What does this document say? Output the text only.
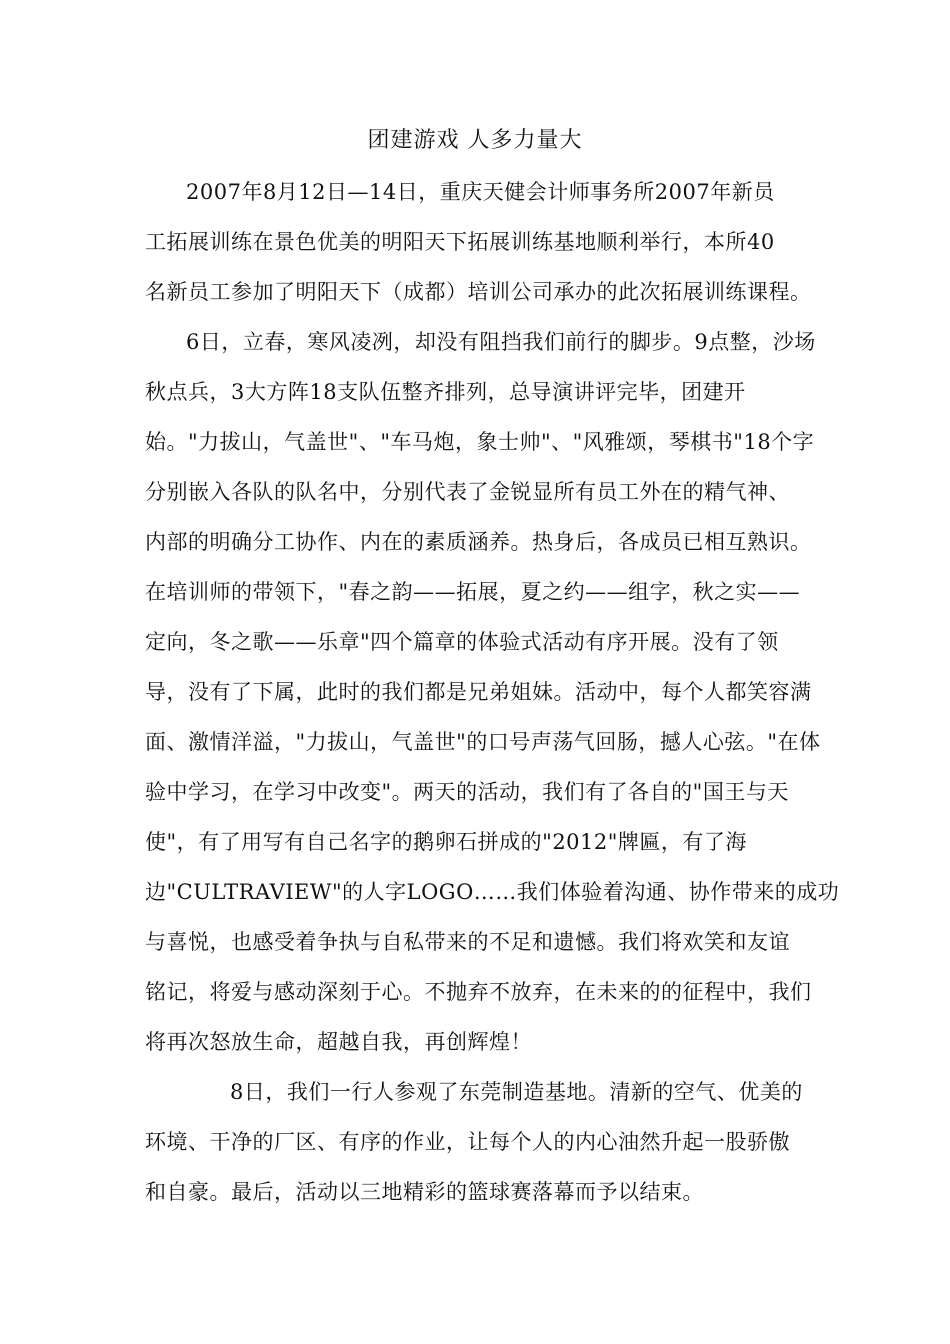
团建游戏 人多力量大
2007年8月12日—14日，重庆天健会计师事务所2007年新员
工拓展训练在景色优美的明阳天下拓展训练基地顺利举行，本所40
名新员工参加了明阳天下（成都）培训公司承办的此次拓展训练课程。
6日，立春，寒风凌冽，却没有阻挡我们前行的脚步。9点整，沙场
秋点兵，3大方阵18支队伍整齐排列，总导演讲评完毕，团建开
始。"力拔山，气盖世"、"车马炮，象士帅"、"风雅颂，琴棋书"18个字
分别嵌入各队的队名中，分别代表了金锐显所有员工外在的精气神、
内部的明确分工协作、内在的素质涵养。热身后，各成员已相互熟识。
在培训师的带领下，"春之韵——拓展，夏之约——组字，秋之实——
定向，冬之歌——乐章"四个篇章的体验式活动有序开展。没有了领
导，没有了下属，此时的我们都是兄弟姐妹。活动中，每个人都笑容满
面、激情洋溢，"力拔山，气盖世"的口号声荡气回肠，撼人心弦。"在体
验中学习，在学习中改变"。两天的活动，我们有了各自的"国王与天
使"，有了用写有自己名字的鹅卵石拼成的"2012"牌匾，有了海
边"CULTRAVIEW"的人字LOGO……我们体验着沟通、协作带来的成功
与喜悦，也感受着争执与自私带来的不足和遗憾。我们将欢笑和友谊
铭记，将爱与感动深刻于心。不抛弃不放弃，在未来的的征程中，我们
将再次怒放生命，超越自我，再创辉煌！
8日，我们一行人参观了东莞制造基地。清新的空气、优美的
环境、干净的厂区、有序的作业，让每个人的内心油然升起一股骄傲
和自豪。最后，活动以三地精彩的篮球赛落幕而予以结束。
